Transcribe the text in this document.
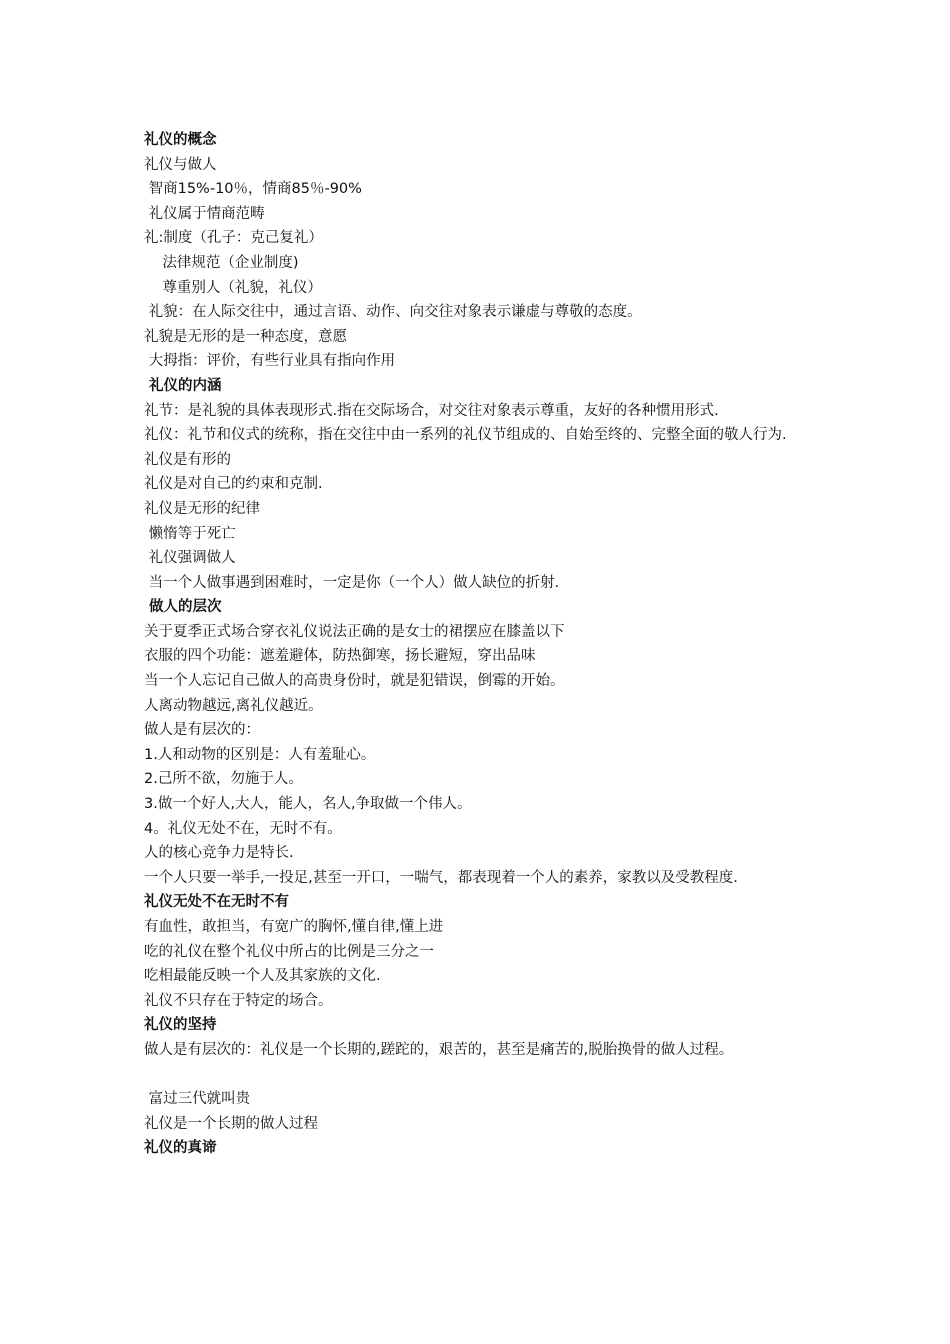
礼仪的概念

礼仪与做人

智商15%-10％，情商85％-90%

礼仪属于情商范畴

礼:制度（孔子：克己复礼）

法律规范（企业制度)

尊重别人（礼貌，礼仪）

礼貌：在人际交往中，通过言语、动作、向交往对象表示谦虚与尊敬的态度。

礼貌是无形的是一种态度，意愿

大拇指：评价，有些行业具有指向作用

礼仪的内涵

礼节：是礼貌的具体表现形式.指在交际场合，对交往对象表示尊重，友好的各种惯用形式.

礼仪：礼节和仪式的统称，指在交往中由一系列的礼仪节组成的、自始至终的、完整全面的敬人行为.

礼仪是有形的

礼仪是对自己的约束和克制.

礼仪是无形的纪律

懒惰等于死亡

礼仪强调做人

当一个人做事遇到困难时，一定是你（一个人）做人缺位的折射.

做人的层次

关于夏季正式场合穿衣礼仪说法正确的是女士的裙摆应在膝盖以下

衣服的四个功能：遮羞避体，防热御寒，扬长避短，穿出品味

当一个人忘记自己做人的高贵身份时，就是犯错误，倒霉的开始。

人离动物越远,离礼仪越近。

做人是有层次的：

1.人和动物的区别是：人有羞耻心。

2.己所不欲，勿施于人。

3.做一个好人,大人，能人，名人,争取做一个伟人。

4。礼仪无处不在，无时不有。

人的核心竞争力是特长.

一个人只要一举手,一投足,甚至一开口，一喘气，都表现着一个人的素养，家教以及受教程度.

礼仪无处不在无时不有

有血性，敢担当，有宽广的胸怀,懂自律,懂上进

吃的礼仪在整个礼仪中所占的比例是三分之一

吃相最能反映一个人及其家族的文化.

礼仪不只存在于特定的场合。

礼仪的坚持

做人是有层次的：礼仪是一个长期的,蹉跎的，艰苦的，甚至是痛苦的,脱胎换骨的做人过程。

富过三代就叫贵

礼仪是一个长期的做人过程

礼仪的真谛
